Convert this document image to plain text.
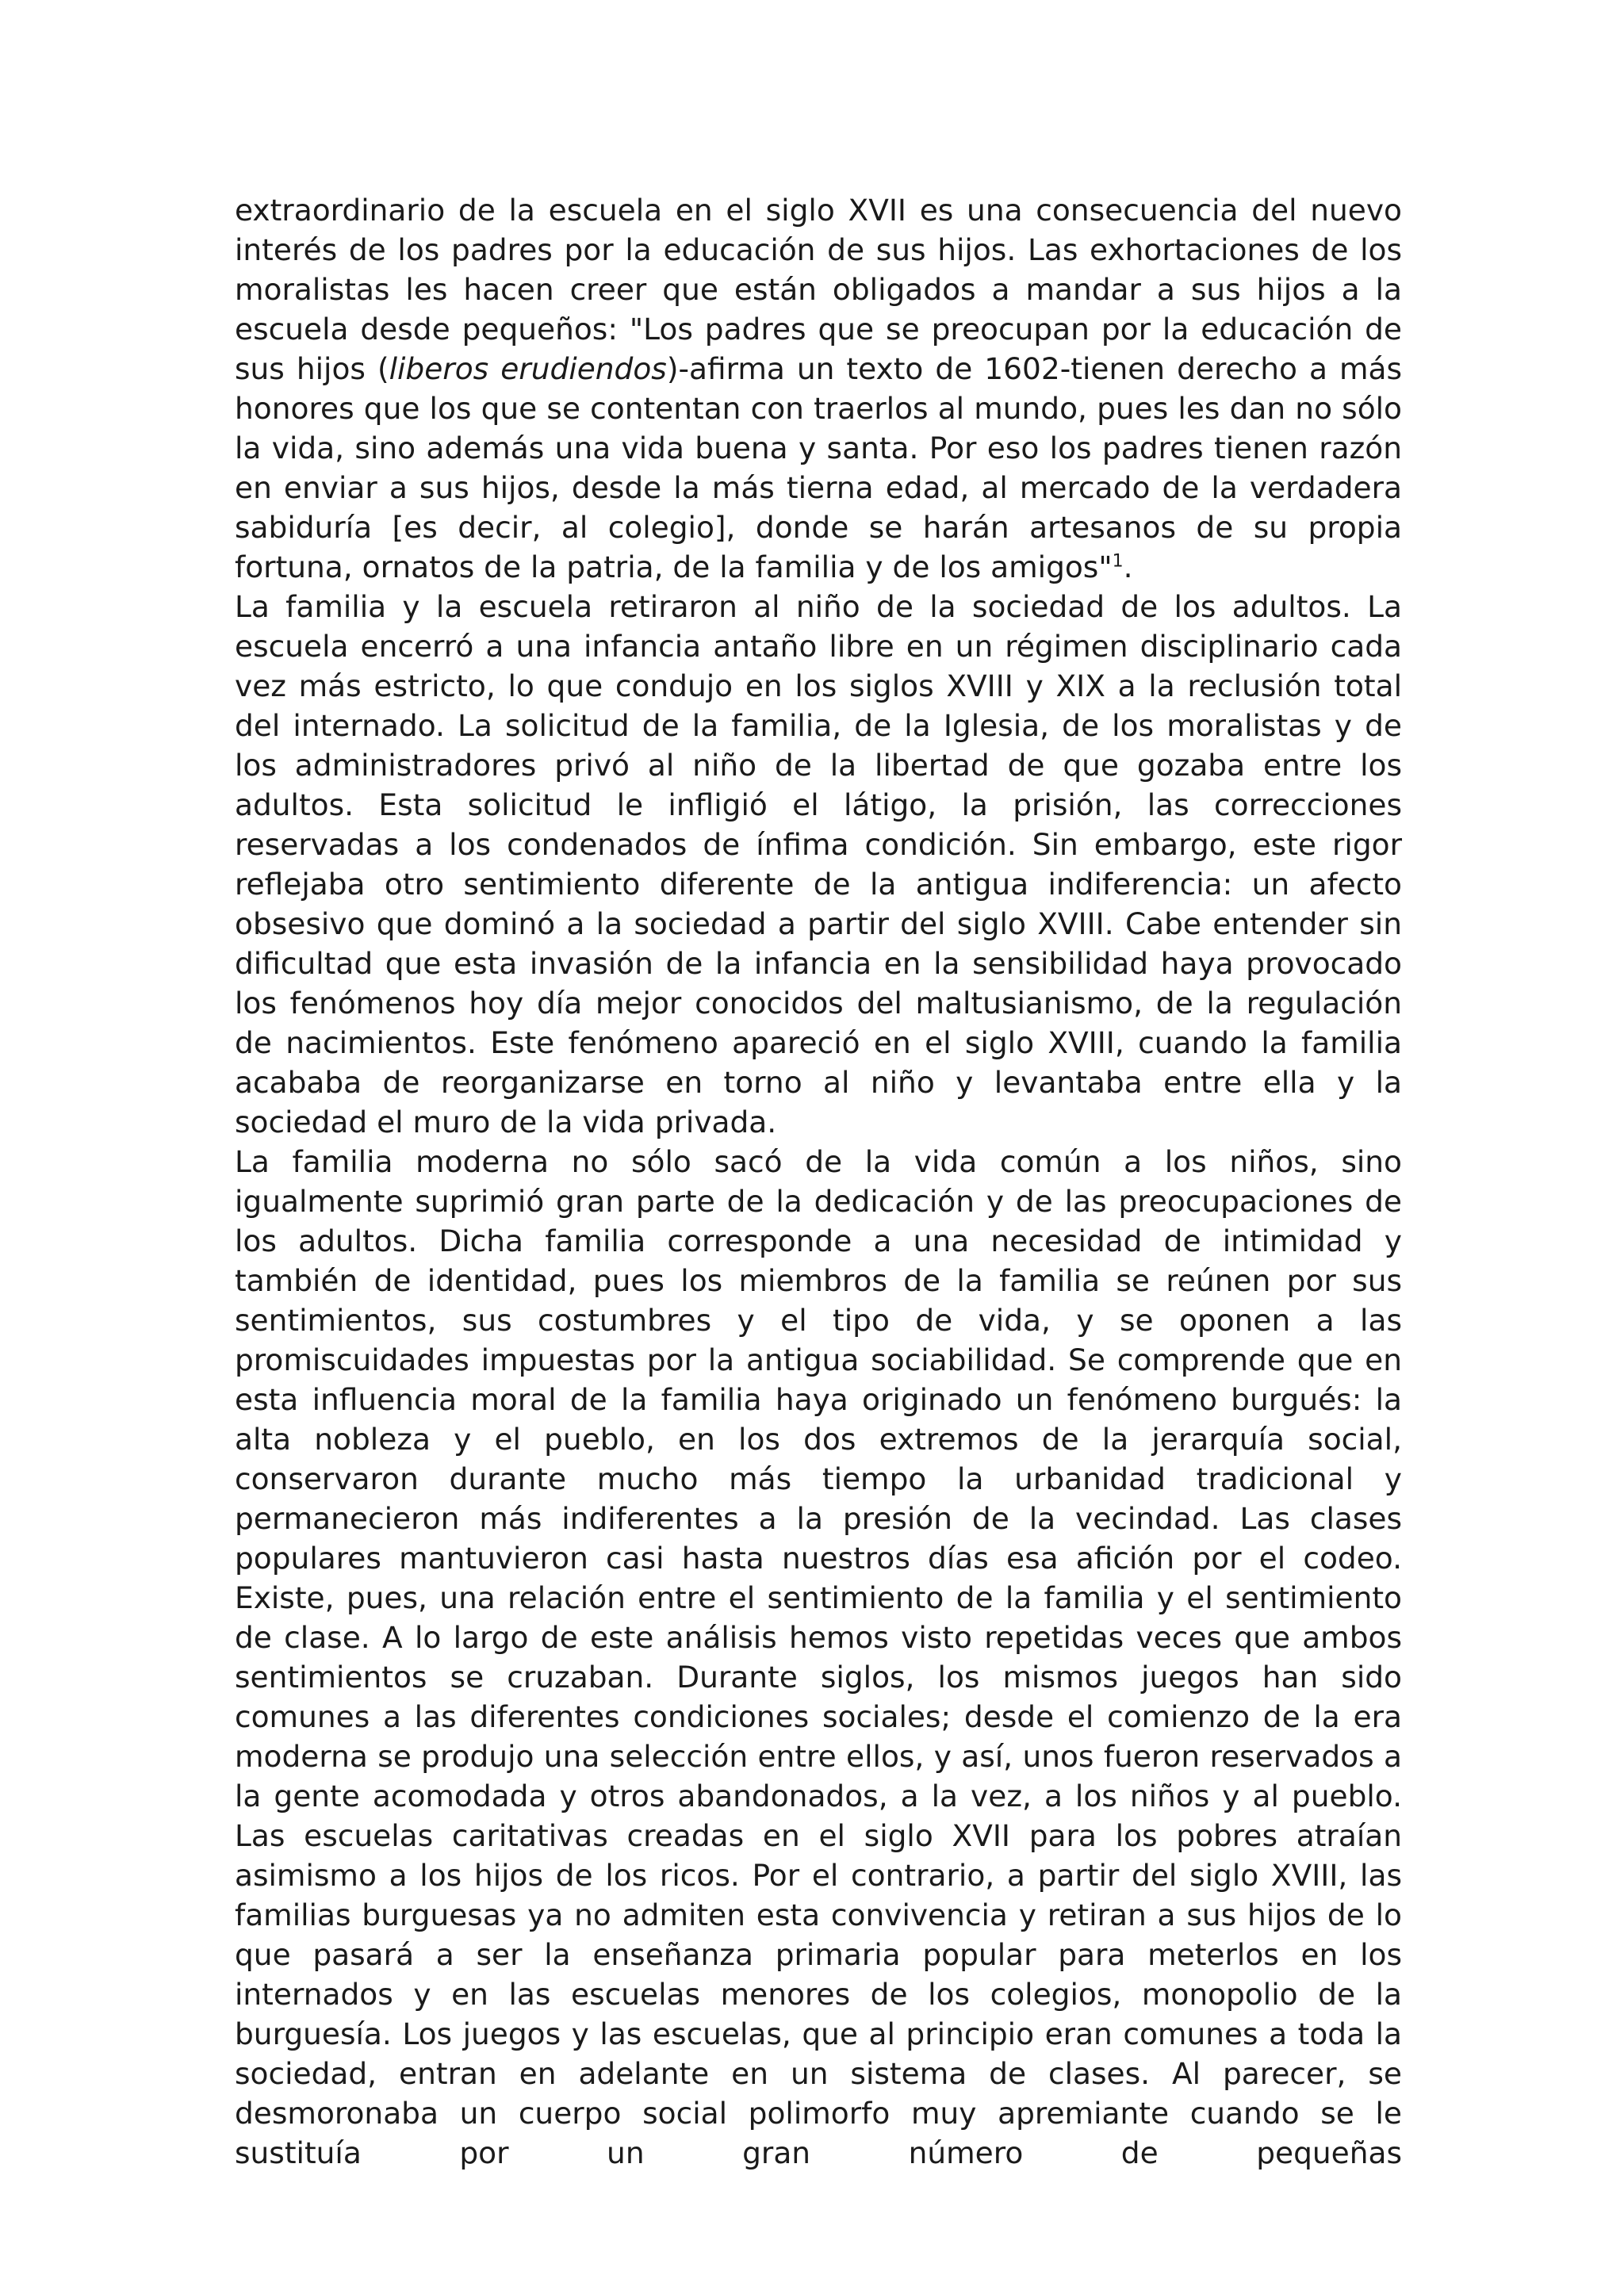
extraordinario de la escuela en el siglo XVII es una consecuencia del nuevo interés de los padres por la educación de sus hijos. Las exhortaciones de los moralistas les hacen creer que están obligados a mandar a sus hijos a la escuela desde pequeños: "Los padres que se preocupan por la educación de sus hijos (liberos erudiendos)-afirma un texto de 1602-tienen derecho a más honores que los que se contentan con traerlos al mundo, pues les dan no sólo la vida, sino además una vida buena y santa. Por eso los padres tienen razón en enviar a sus hijos, desde la más tierna edad, al mercado de la verdadera sabiduría [es decir, al colegio], donde se harán artesanos de su propia fortuna, ornatos de la patria, de la familia y de los amigos"$^1$.

La familia y la escuela retiraron al niño de la sociedad de los adultos. La escuela encerró a una infancia antaño libre en un régimen disciplinario cada vez más estricto, lo que condujo en los siglos XVIII y XIX a la reclusión total del internado. La solicitud de la familia, de la Iglesia, de los moralistas y de los administradores privó al niño de la libertad de que gozaba entre los adultos. Esta solicitud le infligió el látigo, la prisión, las correcciones reservadas a los condenados de ínfima condición. Sin embargo, este rigor reflejaba otro sentimiento diferente de la antigua indiferencia: un afecto obsesivo que dominó a la sociedad a partir del siglo XVIII. Cabe entender sin dificultad que esta invasión de la infancia en la sensibilidad haya provocado los fenómenos hoy día mejor conocidos del maltusianismo, de la regulación de nacimientos. Este fenómeno apareció en el siglo XVIII, cuando la familia acababa de reorganizarse en torno al niño y levantaba entre ella y la sociedad el muro de la vida privada.

La familia moderna no sólo sacó de la vida común a los niños, sino igualmente suprimió gran parte de la dedicación y de las preocupaciones de los adultos. Dicha familia corresponde a una necesidad de intimidad y también de identidad, pues los miembros de la familia se reúnen por sus sentimientos, sus costumbres y el tipo de vida, y se oponen a las promiscuidades impuestas por la antigua sociabilidad. Se comprende que en esta influencia moral de la familia haya originado un fenómeno burgués: la alta nobleza y el pueblo, en los dos extremos de la jerarquía social, conservaron durante mucho más tiempo la urbanidad tradicional y permanecieron más indiferentes a la presión de la vecindad. Las clases populares mantuvieron casi hasta nuestros días esa afición por el codeo. Existe, pues, una relación entre el sentimiento de la familia y el sentimiento de clase. A lo largo de este análisis hemos visto repetidas veces que ambos sentimientos se cruzaban. Durante siglos, los mismos juegos han sido comunes a las diferentes condiciones sociales; desde el comienzo de la era moderna se produjo una selección entre ellos, y así, unos fueron reservados a la gente acomodada y otros abandonados, a la vez, a los niños y al pueblo. Las escuelas caritativas creadas en el siglo XVII para los pobres atraían asimismo a los hijos de los ricos. Por el contrario, a partir del siglo XVIII, las familias burguesas ya no admiten esta convivencia y retiran a sus hijos de lo que pasará a ser la enseñanza primaria popular para meterlos en los internados y en las escuelas menores de los colegios, monopolio de la burguesía. Los juegos y las escuelas, que al principio eran comunes a toda la sociedad, entran en adelante en un sistema de clases. Al parecer, se desmoronaba un cuerpo social polimorfo muy apremiante cuando se le sustituía por un gran número de pequeñas
